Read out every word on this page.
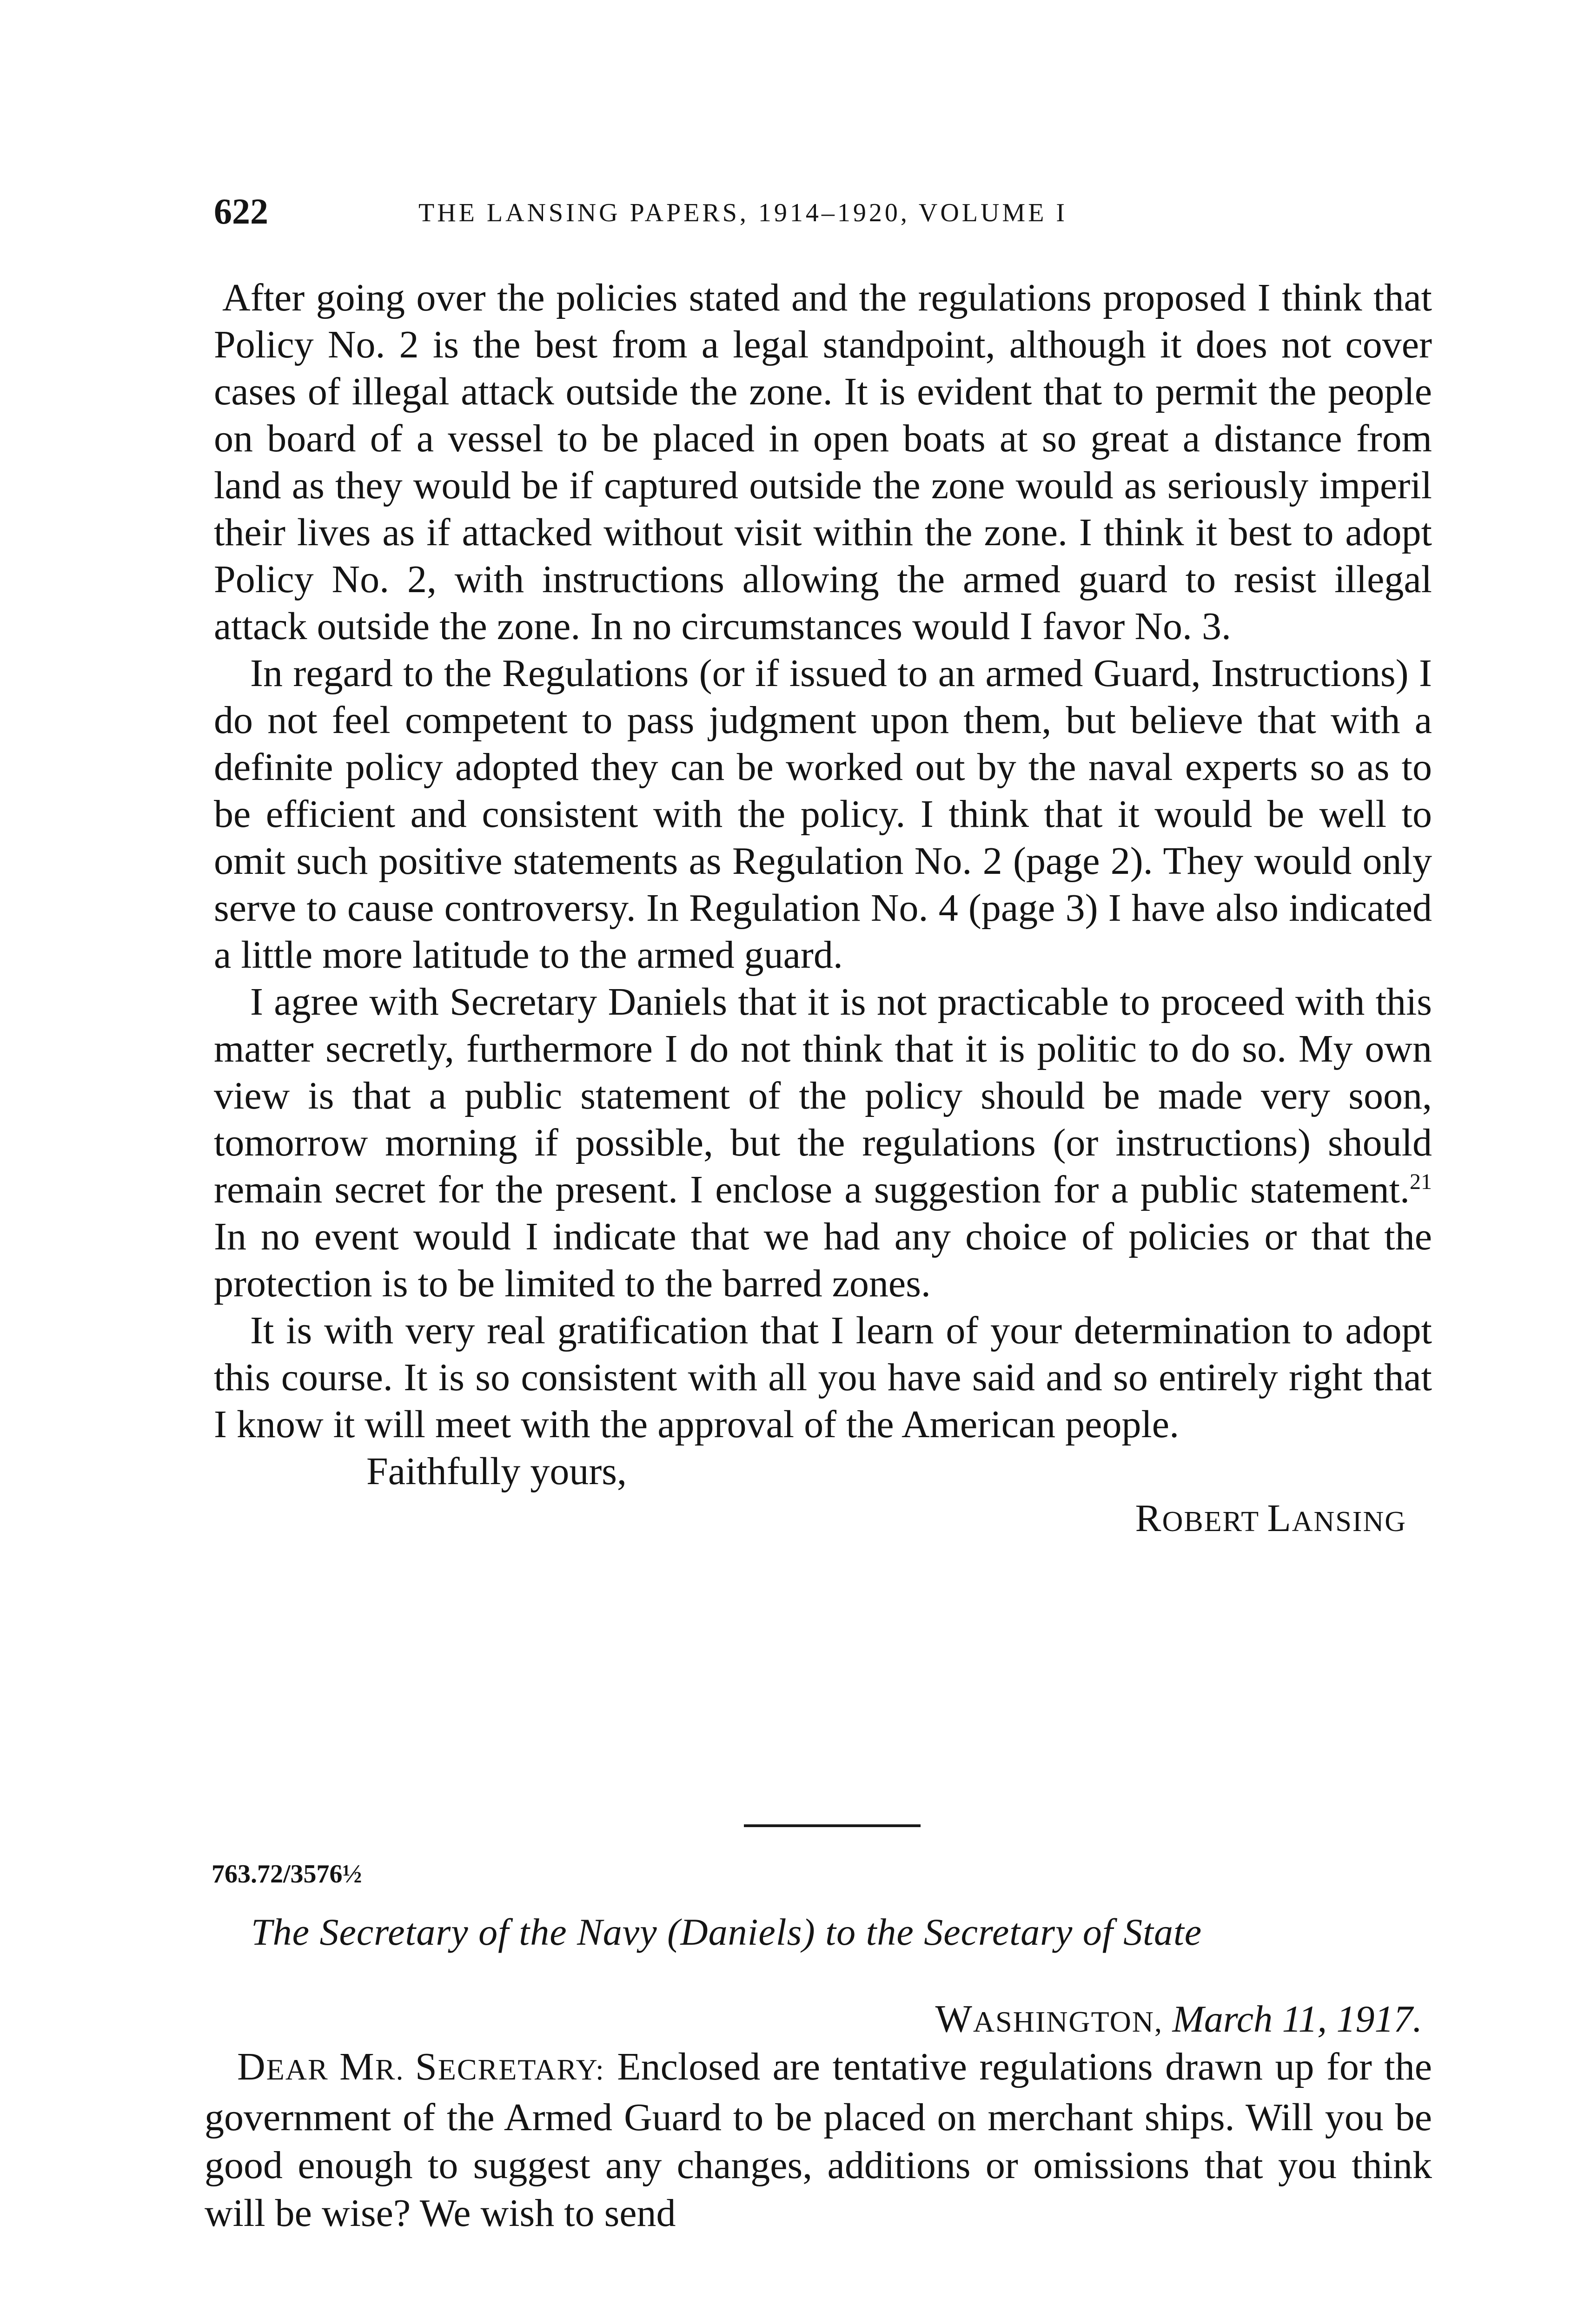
622	THE LANSING PAPERS, 1914–1920, VOLUME I

After going over the policies stated and the regulations proposed I think that Policy No. 2 is the best from a legal standpoint, although it does not cover cases of illegal attack outside the zone. It is evident that to permit the people on board of a vessel to be placed in open boats at so great a distance from land as they would be if captured outside the zone would as seriously imperil their lives as if attacked without visit within the zone. I think it best to adopt Policy No. 2, with instructions allowing the armed guard to resist illegal attack outside the zone. In no circumstances would I favor No. 3.

In regard to the Regulations (or if issued to an armed Guard, Instructions) I do not feel competent to pass judgment upon them, but believe that with a definite policy adopted they can be worked out by the naval experts so as to be efficient and consistent with the policy. I think that it would be well to omit such positive statements as Regulation No. 2 (page 2). They would only serve to cause controversy. In Regulation No. 4 (page 3) I have also indicated a little more latitude to the armed guard.

I agree with Secretary Daniels that it is not practicable to proceed with this matter secretly, furthermore I do not think that it is politic to do so. My own view is that a public statement of the policy should be made very soon, tomorrow morning if possible, but the regulations (or instructions) should remain secret for the present. I enclose a suggestion for a public statement.$^{21}$ In no event would I indicate that we had any choice of policies or that the protection is to be limited to the barred zones.

It is with very real gratification that I learn of your determination to adopt this course. It is so consistent with all you have said and so entirely right that I know it will meet with the approval of the American people.

Faithfully yours,

ROBERT LANSING

763.72/3576½
The Secretary of the Navy (Daniels) to the Secretary of State
WASHINGTON, March 11, 1917.

DEAR MR. SECRETARY: Enclosed are tentative regulations drawn up for the government of the Armed Guard to be placed on merchant ships. Will you be good enough to suggest any changes, additions or omissions that you think will be wise? We wish to send
